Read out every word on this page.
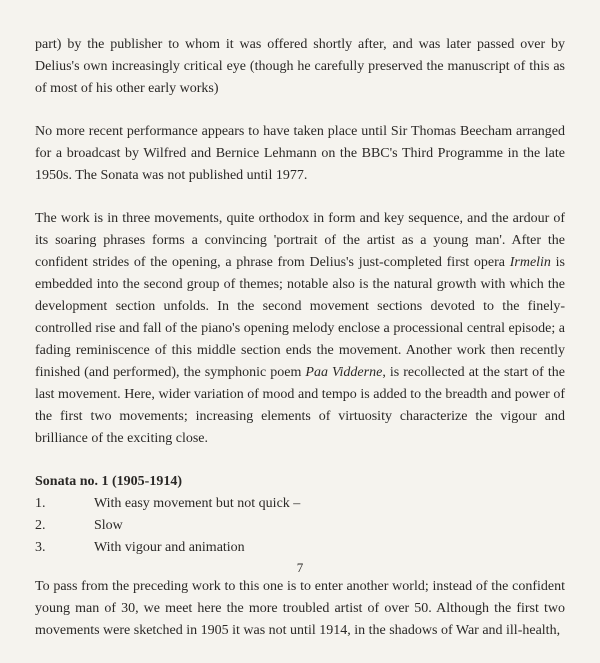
part) by the publisher to whom it was offered shortly after, and was later passed over by Delius's own increasingly critical eye (though he carefully preserved the manuscript of this as of most of his other early works)

No more recent performance appears to have taken place until Sir Thomas Beecham arranged for a broadcast by Wilfred and Bernice Lehmann on the BBC's Third Programme in the late 1950s. The Sonata was not published until 1977.

The work is in three movements, quite orthodox in form and key sequence, and the ardour of its soaring phrases forms a convincing 'portrait of the artist as a young man'. After the confident strides of the opening, a phrase from Delius's just-completed first opera Irmelin is embedded into the second group of themes; notable also is the natural growth with which the development section unfolds. In the second movement sections devoted to the finely-controlled rise and fall of the piano's opening melody enclose a processional central episode; a fading reminiscence of this middle section ends the movement. Another work then recently finished (and performed), the symphonic poem Paa Vidderne, is recollected at the start of the last movement. Here, wider variation of mood and tempo is added to the breadth and power of the first two movements; increasing elements of virtuosity characterize the vigour and brilliance of the exciting close.

Sonata no. 1 (1905-1914)
1.	With easy movement but not quick –
2.	Slow
3.	With vigour and animation

To pass from the preceding work to this one is to enter another world; instead of the confident young man of 30, we meet here the more troubled artist of over 50. Although the first two movements were sketched in 1905 it was not until 1914, in the shadows of War and ill-health,

7
